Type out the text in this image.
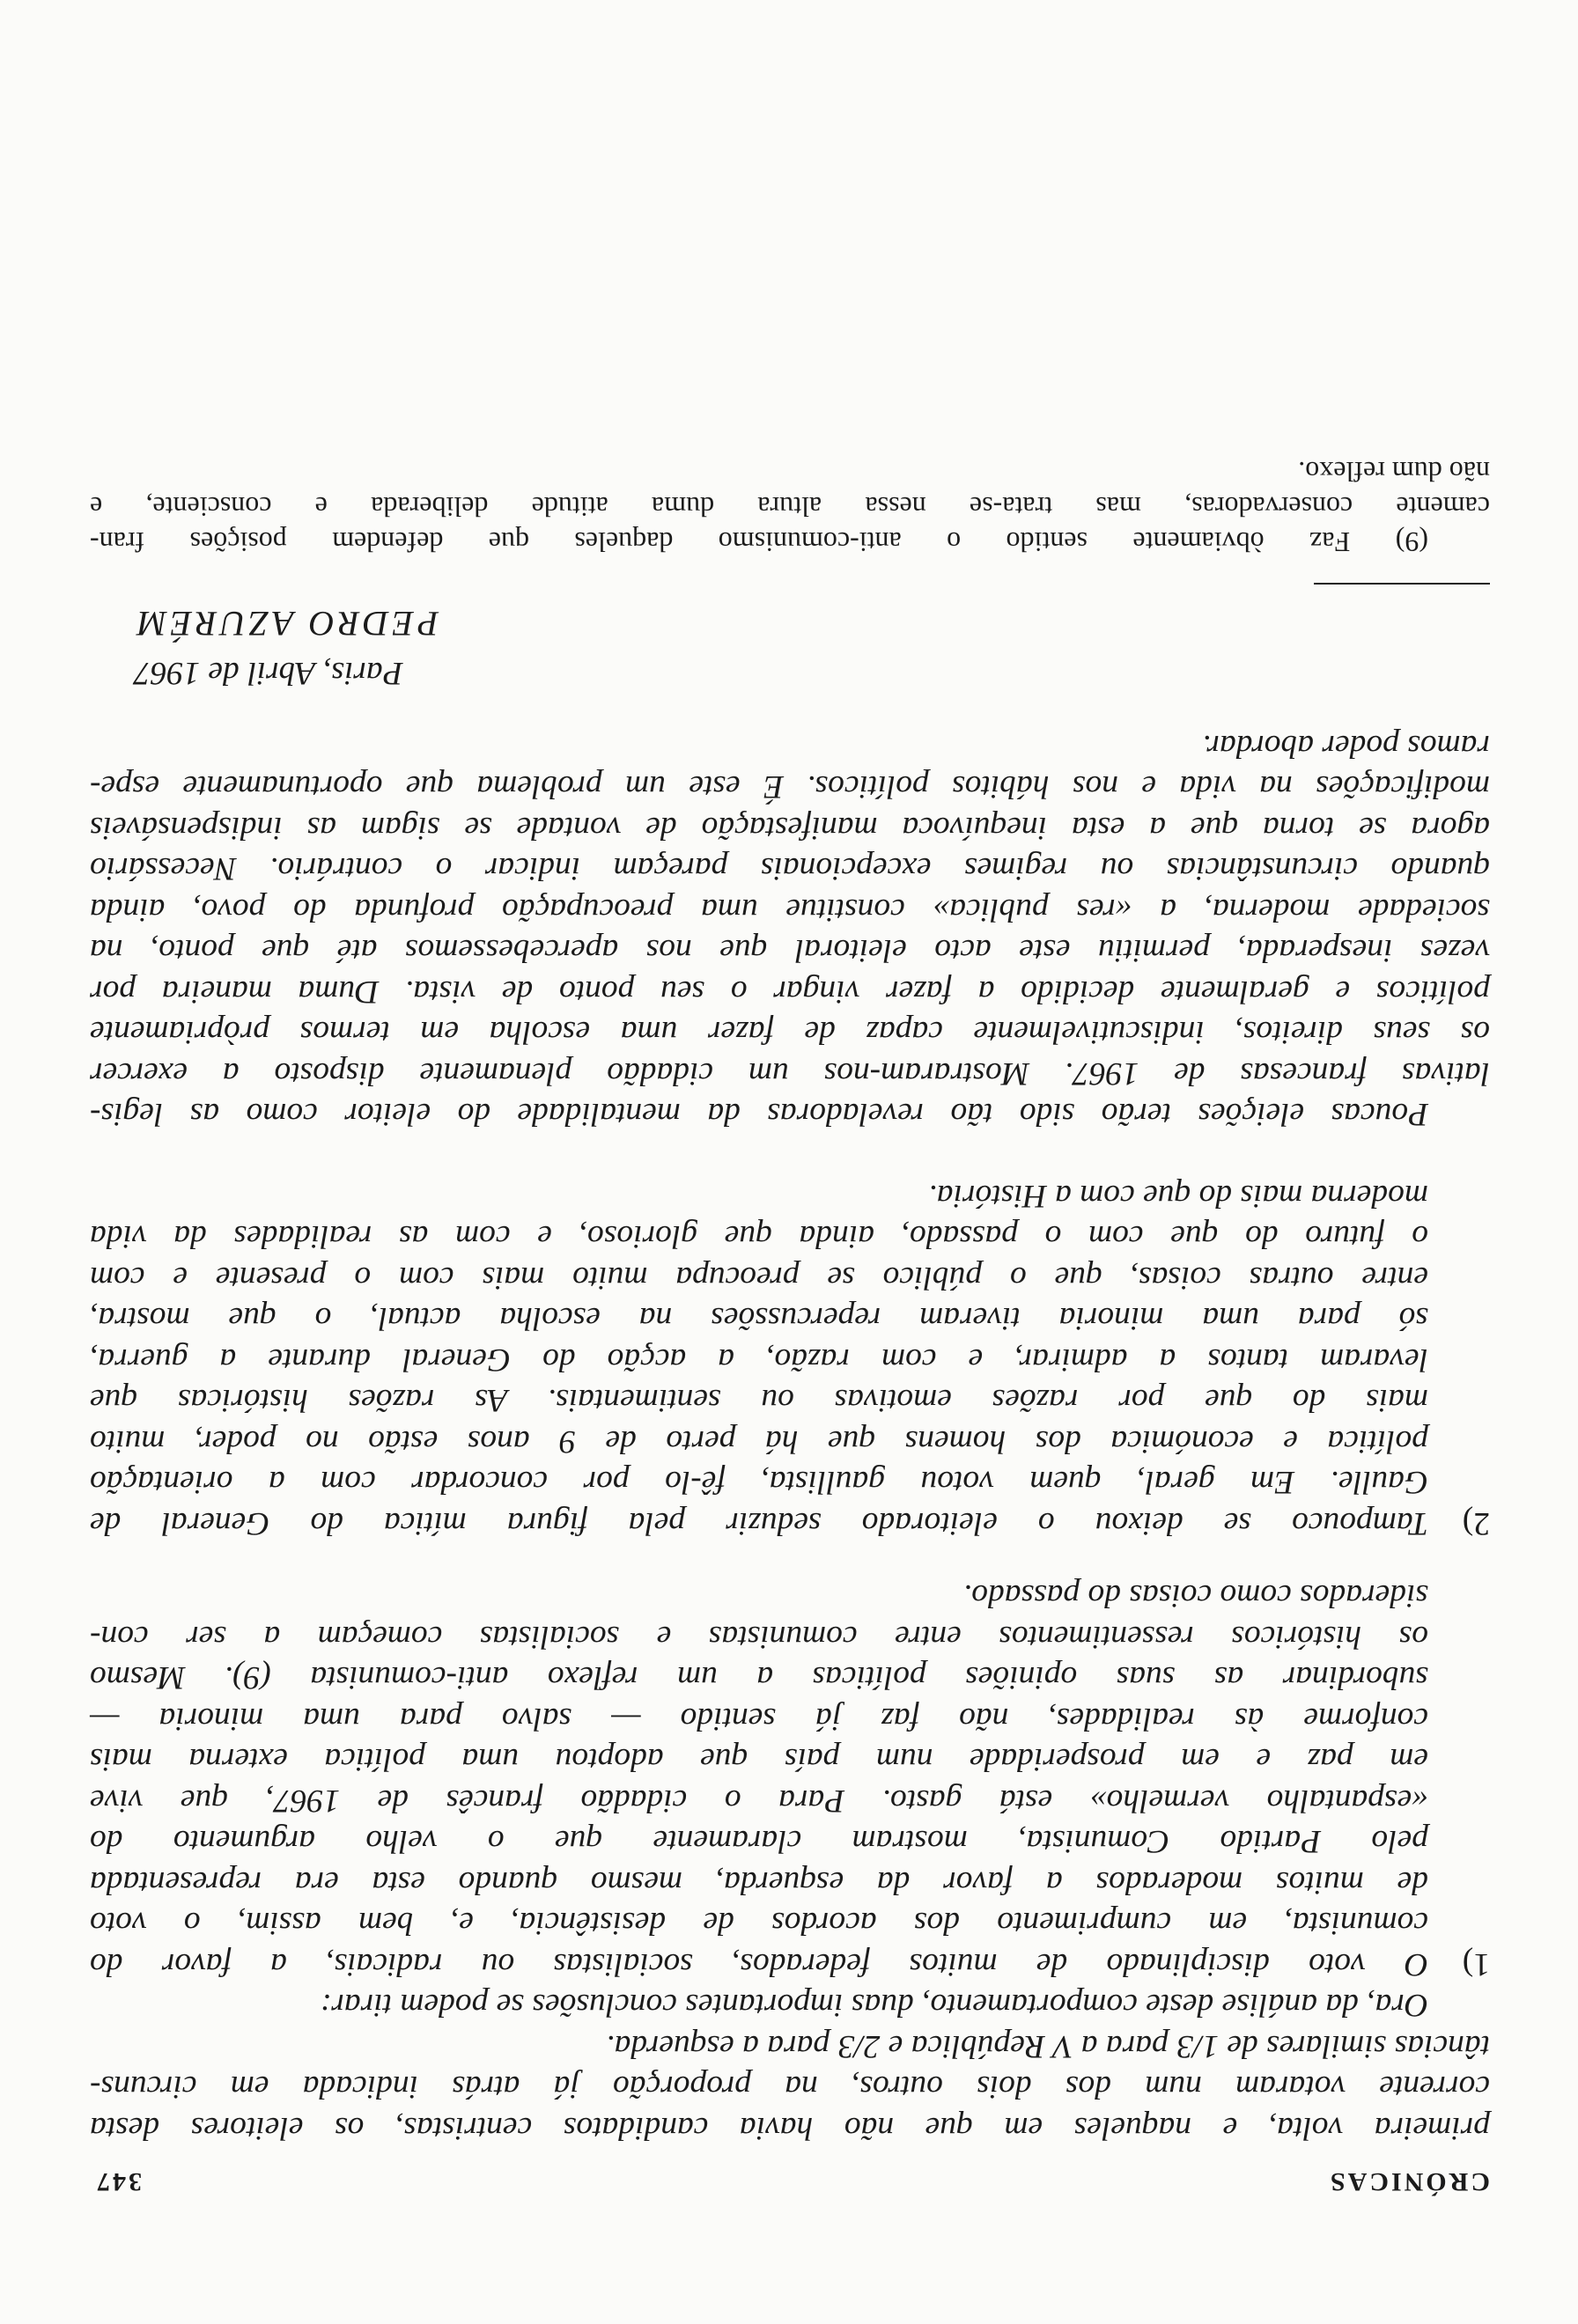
CRÓNICAS
347

primeira volta, e naqueles em que não havia candidatos centristas, os eleitores desta
corrente votaram num dos dois outros, na proporção já atrás indicada em circuns-
tâncias similares de 1/3 para a V República e 2/3 para a esquerda.

Ora, da análise deste comportamento, duas importantes conclusões se podem tirar:

1)
O voto disciplinado de muitos federados, socialistas ou radicais, a favor do
comunista, em cumprimento dos acordos de desistência, e, bem assim, o voto
de muitos moderados a favor da esquerda, mesmo quando esta era representada
pelo Partido Comunista, mostram claramente que o velho argumento do
«espantalho vermelho» está gasto. Para o cidadão francês de 1967, que vive
em paz e em prosperidade num país que adoptou uma política externa mais
conforme às realidades, não faz já sentido — salvo para uma minoria —
subordinar as suas opiniões políticas a um reflexo anti-comunista (9). Mesmo
os históricos ressentimentos entre comunistas e socialistas começam a ser con-
siderados como coisas do passado.
2)
Tampouco se deixou o eleitorado seduzir pela figura mítica do General de
Gaulle. Em geral, quem votou gaullista, fê-lo por concordar com a orientação
política e económica dos homens que há perto de 9 anos estão no poder, muito
mais do que por razões emotivas ou sentimentais. As razões históricas que
levaram tantos a admirar, e com razão, a acção do General durante a guerra,
só para uma minoria tiveram repercussões na escolha actual, o que mostra,
entre outras coisas, que o público se preocupa muito mais com o presente e com
o futuro do que com o passado, ainda que glorioso, e com as realidades da vida
moderna mais do que com a História.

Poucas eleições terão sido tão reveladoras da mentalidade do eleitor como as legis-
lativas francesas de 1967. Mostraram-nos um cidadão plenamente disposto a exercer
os seus direitos, indiscutivelmente capaz de fazer uma escolha em termos pròpriamente
políticos e geralmente decidido a fazer vingar o seu ponto de vista. Duma maneira por
vezes inesperada, permitiu este acto eleitoral que nos apercebessemos até que ponto, na
sociedade moderna, a «res publica» constitue uma preocupação profunda do povo, ainda
quando circunstâncias ou regimes excepcionais pareçam indicar o contrário. Necessário
agora se torna que a esta inequívoca manifestação de vontade se sigam as indispensáveis
modificações na vida e nos hábitos políticos. É este um problema que oportunamente espe-
ramos poder abordar.

Paris, Abril de 1967
PEDRO AZURÉM
(9) Faz òbviamente sentido o anti-comunismo daqueles que defendem posições fran-
camente conservadoras, mas trata-se nessa altura duma atitude deliberada e consciente, e
não dum reflexo.
